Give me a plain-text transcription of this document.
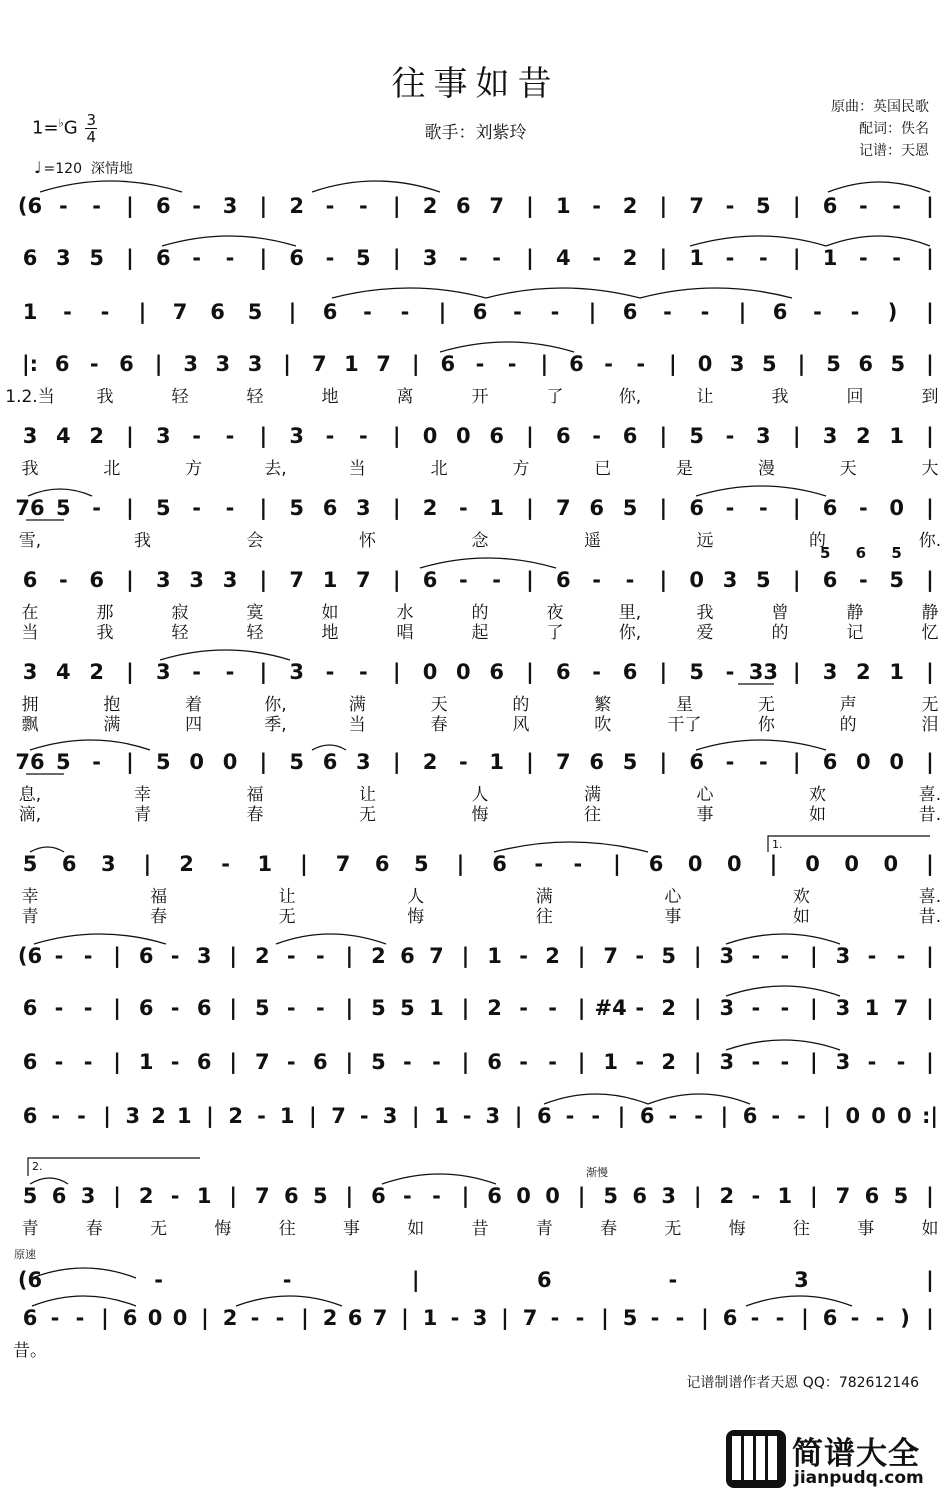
往事如昔
歌手：刘紫玲
原曲：英国民歌
配词：佚名
记谱：天恩
$1=^♭G \frac{3}{4}$
♩ =120 深情地
(6 - - | 6 - 3 | 2 - - | 2 6 7 | 1 - 2 | 7 - 5 | 6 - - |
6 3 5 | 6 - - | 6 - 5 | 3 - - | 4 - 2 | 1 - - | 1 - - |
1 - - | 7 6 5 | 6 - - | 6 - - | 6 - - | 6 - - ) |
|: 6 - 6 | 3 3 3 | 7 1 7 | 6 - - | 6 - - | 0 3 5 | 5 6 5 |
1.2.当 我	轻	轻	地	离	开	了	你,	让	我	回	到
3 4 2 | 3 - - | 3 - - | 0 0 6 | 6 - 6 | 5 - 3 | 3 2 1 |
我	北	方	去,	当	北	方	已	是	漫	天	大
76 5 - | 5 - - | 5 6 3 | 2 - 1 | 7 6 5 | 6 - - | 6 - 0 |
雪,	我	会	怀	念	遥	远	的	你.
6 - 6 | 3 3 3 | 7 1 7 | 6 - - | 6 - - | 0 3 5 | 6 - 5 |
5 6 5
在	那	寂	寞	如	水	的	夜	里,	我	曾	静	静
当	我	轻	轻	地	唱	起	了	你,	爱	的	记	忆
3 4 2 | 3 - - | 3 - - | 0 0 6 | 6 - 6 | 5 - 33 | 3 2 1 |
拥	抱	着	你,	满	天	的	繁	星	无	声	无
飘	满	四	季,	当	春	风	吹	干了	你	的	泪
76 5 - | 5 0 0 | 5 6 3 | 2 - 1 | 7 6 5 | 6 - - | 6 0 0 |
息,	幸	福	让	人	满	心	欢	喜.
滴,	青	春	无	悔	往	事	如	昔.
5 6 3 | 2 - 1 | 7 6 5 | 6 - - | 6 0 0 | 0 0 0 |
幸	福	让	人	满	心	欢	喜.
青	春	无	悔	往	事	如	昔.
(6 - - | 6 - 3 | 2 - - | 2 6 7 | 1 - 2 | 7 - 5 | 3 - - | 3 - - |
6 - - | 6 - 6 | 5 - - | 5 5 1 | 2 - - | #4 - 2 | 3 - - | 3 1 7 |
6 - - | 1 - 6 | 7 - 6 | 5 - - | 6 - - | 1 - 2 | 3 - - | 3 - - |
6 - - | 3 2 1 | 2 - 1 | 7 - 3 | 1 - 3 | 6 - - | 6 - - | 6 - - | 0 0 0 :|
5 6 3 | 2 - 1 | 7 6 5 | 6 - - | 6 0 0 | 5 6 3 | 2 - 1 | 7 6 5 |
青	春	无	悔	往	事	如	昔	青	春	无	悔	往	事	如
(6	-	-	|	6	-	3	|
6 - - | 6 0 0 | 2 - - | 2 6 7 | 1 - 3 | 7 - - | 5 - - | 6 - - | 6 - - ) |
昔。
1.
2.	渐慢
原速
记谱制谱作者天恩 QQ：782612146
简谱大全
jianpudq.com
